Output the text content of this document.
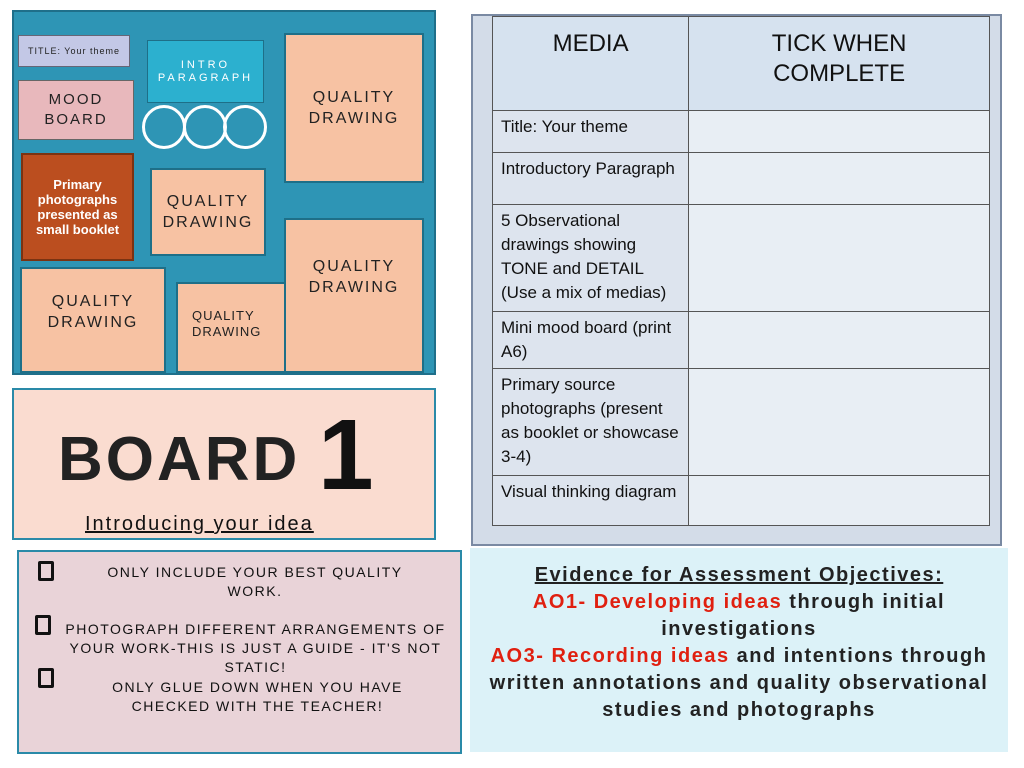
TITLE: Your theme
MOOD BOARD
INTRO PARAGRAPH
QUALITY DRAWING
Primary photographs presented as small booklet
QUALITY DRAWING
QUALITY DRAWING
QUALITY DRAWING	QUALITY DRAWING
BOARD 1
Introducing your idea
ONLY INCLUDE YOUR BEST QUALITY WORK.
PHOTOGRAPH DIFFERENT ARRANGEMENTS OF YOUR WORK-THIS IS JUST A GUIDE - IT'S NOT STATIC!
ONLY GLUE DOWN WHEN YOU HAVE CHECKED WITH THE TEACHER!
MEDIA	TICK WHEN COMPLETE
Title: Your theme	
Introductory Paragraph	
5 Observational drawings showing TONE and DETAIL (Use a mix of medias)	
Mini mood board (print A6)	
Primary source photographs (present as booklet or showcase 3-4)	
Visual thinking diagram	
Evidence for Assessment Objectives:
AO1- Developing ideas through initial investigations
AO3- Recording ideas and intentions through written annotations and quality observational studies and photographs
